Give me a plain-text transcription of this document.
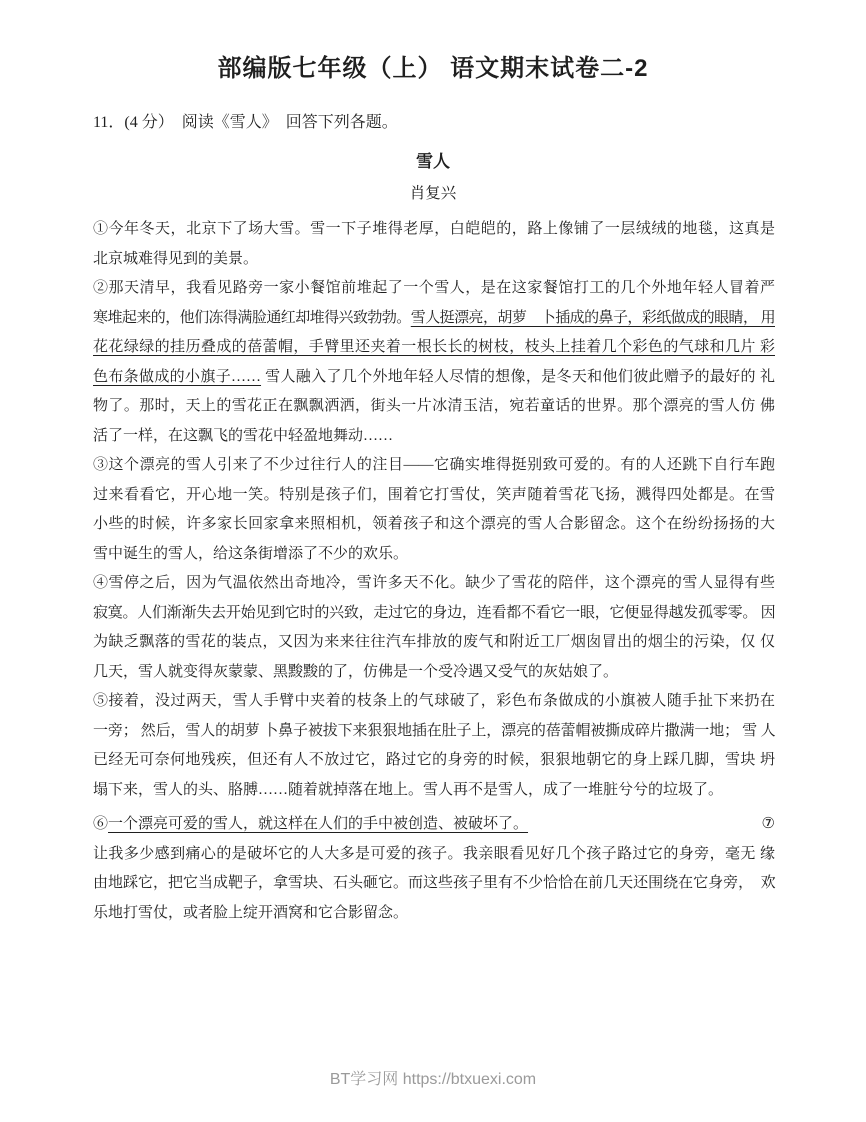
部编版七年级（上） 语文期末试卷二-2
11．(4 分）　阅读《雪人》　回答下列各题。
雪人
肖复兴
①今年冬天，北京下了场大雪。雪一下子堆得老厚，白皑皑的，路上像铺了一层绒绒的地毯，这真是
北京城难得见到的美景。
②那天清早，我看见路旁一家小餐馆前堆起了一个雪人，是在这家餐馆打工的几个外地年轻人冒着严
寒堆起来的，他们冻得满脸通红却堆得兴致勃勃。雪人挺漂亮，胡萝　卜插成的鼻子，彩纸做成的眼睛， 用
花花绿绿的挂历叠成的蓓蕾帽，手臂里还夹着一根长长的树枝，枝头上挂着几个彩色的气球和几片 彩
色布条做成的小旗子…… 雪人融入了几个外地年轻人尽情的想像，是冬天和他们彼此赠予的最好的 礼
物了。那时，天上的雪花正在飘飘洒洒，街头一片冰清玉洁，宛若童话的世界。那个漂亮的雪人仿 佛
活了一样，在这飘飞的雪花中轻盈地舞动……
③这个漂亮的雪人引来了不少过往行人的注目——它确实堆得挺别致可爱的。有的人还跳下自行车跑
过来看看它，开心地一笑。特别是孩子们，围着它打雪仗，笑声随着雪花飞扬，溅得四处都是。在雪
小些的时候，许多家长回家拿来照相机，领着孩子和这个漂亮的雪人合影留念。这个在纷纷扬扬的大
雪中诞生的雪人，给这条街增添了不少的欢乐。
④雪停之后，因为气温依然出奇地冷，雪许多天不化。缺少了雪花的陪伴，这个漂亮的雪人显得有些
寂寞。人们渐渐失去开始见到它时的兴致，走过它的身边，连看都不看它一眼，它便显得越发孤零零。 因
为缺乏飘落的雪花的装点，又因为来来往往汽车排放的废气和附近工厂烟囱冒出的烟尘的污染，仅 仅
几天，雪人就变得灰蒙蒙、黑黢黢的了，仿佛是一个受冷遇又受气的灰姑娘了。
⑤接着，没过两天，雪人手臂中夹着的枝条上的气球破了，彩色布条做成的小旗被人随手扯下来扔在
一旁； 然后，雪人的胡萝 卜鼻子被拔下来狠狠地插在肚子上，漂亮的蓓蕾帽被撕成碎片撒满一地； 雪 人
已经无可奈何地残疾，但还有人不放过它，路过它的身旁的时候，狠狠地朝它的身上踩几脚，雪块 坍
塌下来，雪人的头、胳膊……随着就掉落在地上。雪人再不是雪人，成了一堆脏兮兮的垃圾了。
⑥一个漂亮可爱的雪人，就这样在人们的手中被创造、被破坏了。	⑦
让我多少感到痛心的是破坏它的人大多是可爱的孩子。我亲眼看见好几个孩子路过它的身旁，毫无 缘
由地踩它，把它当成靶子，拿雪块、石头砸它。而这些孩子里有不少恰恰在前几天还围绕在它身旁，　欢
乐地打雪仗，或者脸上绽开酒窝和它合影留念。
BT学习网 https://btxuexi.com
